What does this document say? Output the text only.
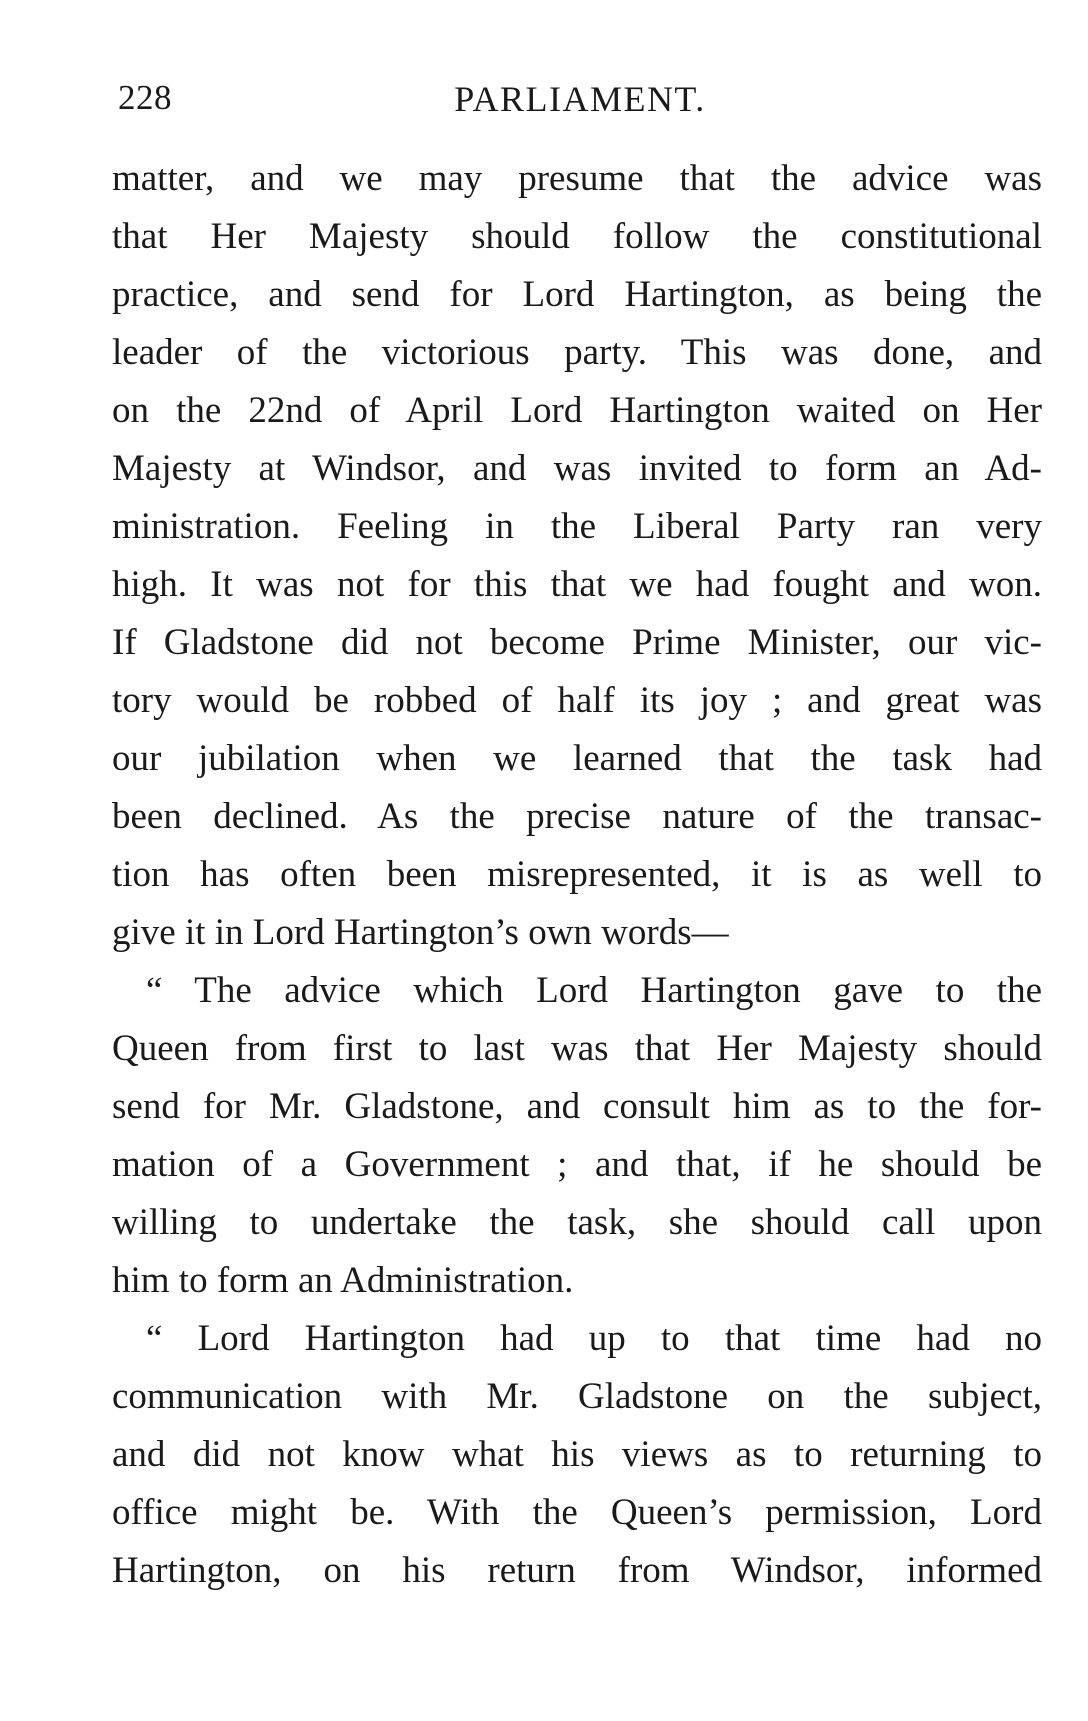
228	PARLIAMENT.
matter, and we may presume that the advice was
that Her Majesty should follow the constitutional
practice, and send for Lord Hartington, as being the
leader of the victorious party. This was done, and
on the 22nd of April Lord Hartington waited on Her
Majesty at Windsor, and was invited to form an Ad-
ministration. Feeling in the Liberal Party ran very
high. It was not for this that we had fought and won.
If Gladstone did not become Prime Minister, our vic-
tory would be robbed of half its joy ; and great was
our jubilation when we learned that the task had
been declined. As the precise nature of the transac-
tion has often been misrepresented, it is as well to
give it in Lord Hartington’s own words—
“ The advice which Lord Hartington gave to the
Queen from first to last was that Her Majesty should
send for Mr. Gladstone, and consult him as to the for-
mation of a Government ; and that, if he should be
willing to undertake the task, she should call upon
him to form an Administration.
“ Lord Hartington had up to that time had no
communication with Mr. Gladstone on the subject,
and did not know what his views as to returning to
office might be. With the Queen’s permission, Lord
Hartington, on his return from Windsor, informed
